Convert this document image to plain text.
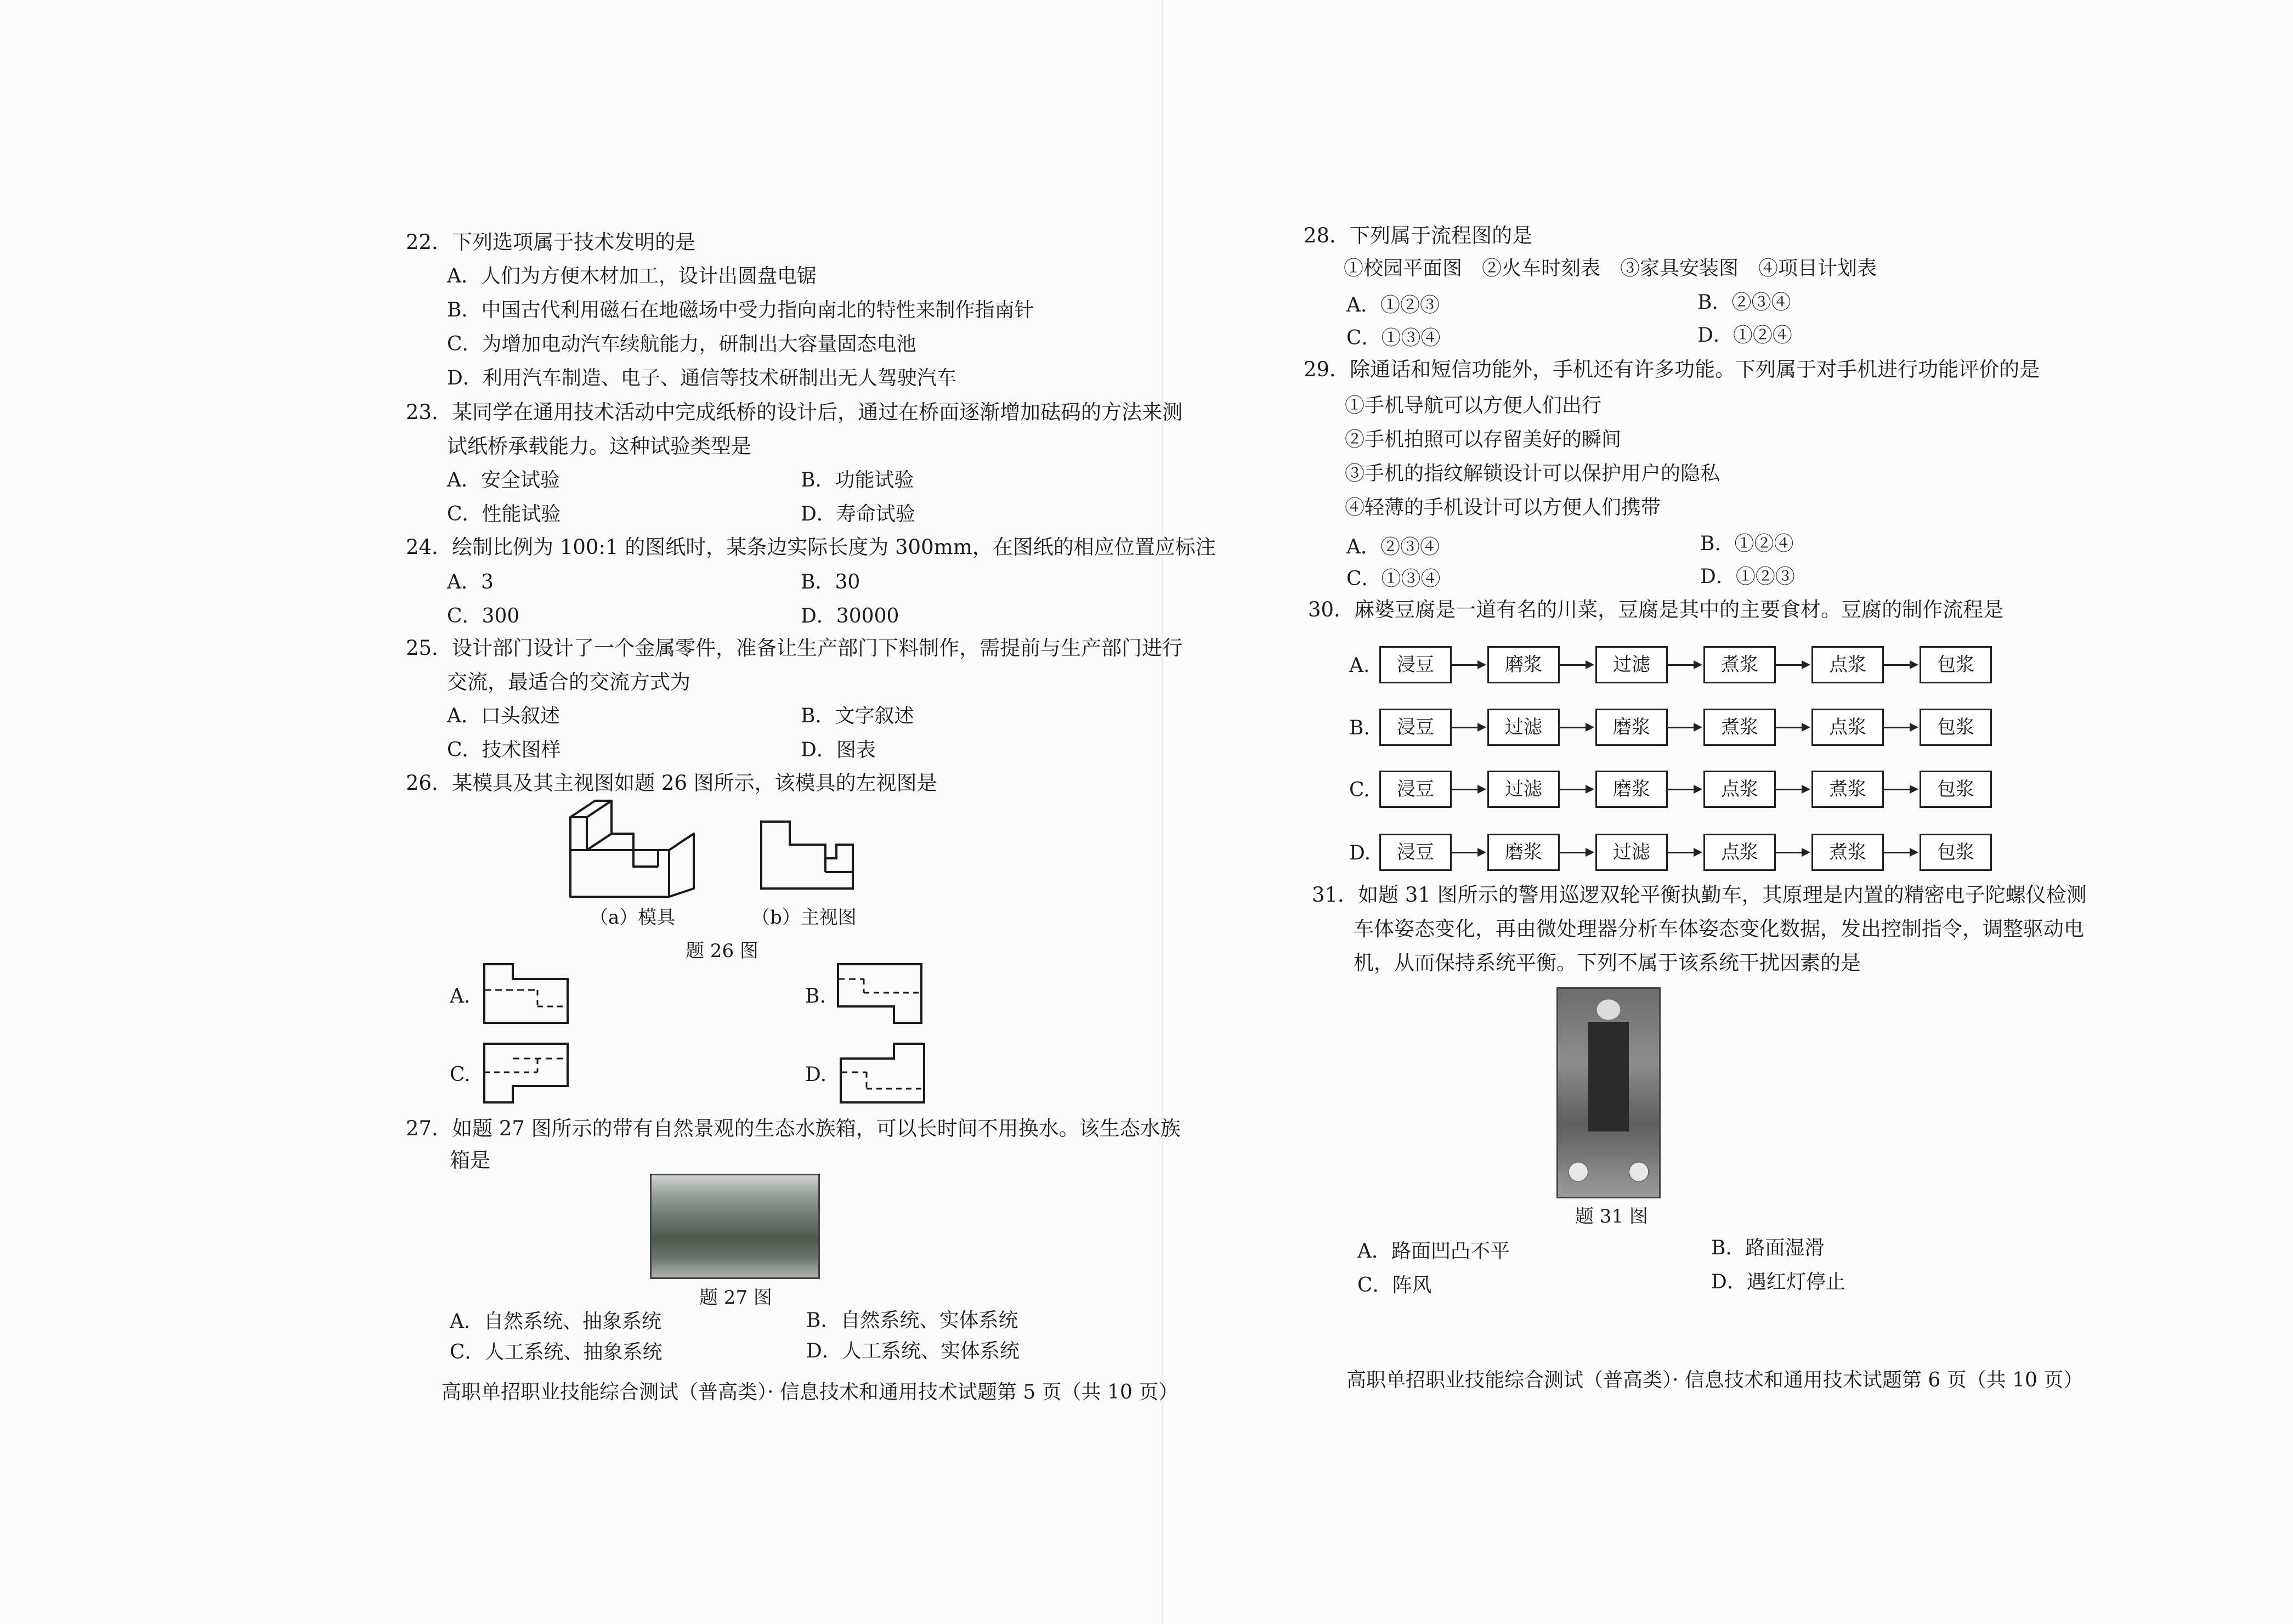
22．下列选项属于技术发明的是
A．人们为方便木材加工，设计出圆盘电锯
B．中国古代利用磁石在地磁场中受力指向南北的特性来制作指南针
C．为增加电动汽车续航能力，研制出大容量固态电池
D．利用汽车制造、电子、通信等技术研制出无人驾驶汽车
23．某同学在通用技术活动中完成纸桥的设计后，通过在桥面逐渐增加砝码的方法来测
试纸桥承载能力。这种试验类型是
A．安全试验	B．功能试验
C．性能试验	D．寿命试验
24．绘制比例为 100:1 的图纸时，某条边实际长度为 300mm，在图纸的相应位置应标注
A．3	B．30
C．300	D．30000
25．设计部门设计了一个金属零件，准备让生产部门下料制作，需提前与生产部门进行
交流，最适合的交流方式为
A．口头叙述	B．文字叙述
C．技术图样	D．图表
26．某模具及其主视图如题 26 图所示，该模具的左视图是
（a）模具	（b）主视图
题 26 图
A.	B.
C.	D.
27．如题 27 图所示的带有自然景观的生态水族箱，可以长时间不用换水。该生态水族
箱是
题 27 图
A．自然系统、抽象系统	B．自然系统、实体系统
C．人工系统、抽象系统	D．人工系统、实体系统
高职单招职业技能综合测试（普高类）· 信息技术和通用技术试题第 5 页（共 10 页）
28．下列属于流程图的是
①校园平面图　②火车时刻表　③家具安装图　④项目计划表
A．①②③	B．②③④
C．①③④	D．①②④
29．除通话和短信功能外，手机还有许多功能。下列属于对手机进行功能评价的是
①手机导航可以方便人们出行
②手机拍照可以存留美好的瞬间
③手机的指纹解锁设计可以保护用户的隐私
④轻薄的手机设计可以方便人们携带
A．②③④	B．①②④
C．①③④	D．①②③
30．麻婆豆腐是一道有名的川菜，豆腐是其中的主要食材。豆腐的制作流程是
A.	浸豆	磨浆	过滤	煮浆	点浆	包浆
B.	浸豆	过滤	磨浆	煮浆	点浆	包浆
C.	浸豆	过滤	磨浆	点浆	煮浆	包浆
D.	浸豆	磨浆	过滤	点浆	煮浆	包浆
31．如题 31 图所示的警用巡逻双轮平衡执勤车，其原理是内置的精密电子陀螺仪检测
车体姿态变化，再由微处理器分析车体姿态变化数据，发出控制指令，调整驱动电
机，从而保持系统平衡。下列不属于该系统干扰因素的是
题 31 图
A．路面凹凸不平	B．路面湿滑
C．阵风	D．遇红灯停止
高职单招职业技能综合测试（普高类）· 信息技术和通用技术试题第 6 页（共 10 页）
